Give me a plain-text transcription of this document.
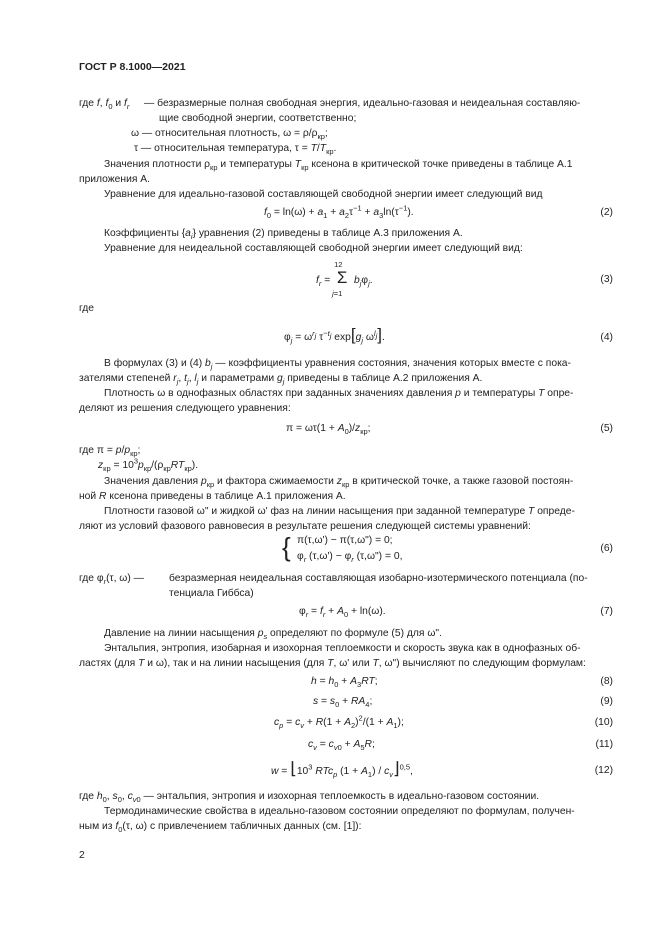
ГОСТ Р 8.1000—2021
где f, $f_0$ и $f_r$ — безразмерные полная свободная энергия, идеально-газовая и неидеальная составляю-
щие свободной энергии, соответственно;
ω — относительная плотность, $\omega = \rho/\rho_{кр}$;
τ — относительная температура, $\tau = T/T_{кр}$.
Значения плотности $\rho_{кр}$ и температуры $T_{кр}$ ксенона в критической точке приведены в таблице А.1
приложения А.
Уравнение для идеально-газовой составляющей свободной энергии имеет следующий вид
$f_0 = \ln(\omega) + a_1 + a_2\tau^{-1} + a_3\ln(\tau^{-1})$.	(2)
Коэффициенты $\{a_i\}$ уравнения (2) приведены в таблице А.3 приложения А.
Уравнение для неидеальной составляющей свободной энергии имеет следующий вид:
$f_r$ =
12
Σ
j=1
$b_j\varphi_j$.	(3)
где
$\varphi_j = \omega^{r_j}$ $\tau^{-t_j}$ $\exp[g_j$ $\omega^{l_j}$].	(4)
В формулах (3) и (4) $b_j$ — коэффициенты уравнения состояния, значения которых вместе с пока-
зателями степеней $r_j$, $t_j$, $l_j$ и параметрами $g_j$ приведены в таблице А.2 приложения А.
Плотность ω в однофазных областях при заданных значениях давления p и температуры T опре-
деляют из решения следующего уравнения:
$\pi = \omega\tau(1 + A_0)/z_{кр}$;	(5)
где $\pi = p/p_{кр}$;
$z_{кр} = 10^3p_{кр}/(\rho_{кр}RT_{кр})$.
Значения давления $p_{кр}$ и фактора сжимаемости $z_{кр}$ в критической точке, а также газовой постоян-
ной R ксенона приведены в таблице А.1 приложения А.
Плотности газовой ω" и жидкой ω' фаз на линии насыщения при заданной температуре T опреде-
ляют из условий фазового равновесия в результате решения следующей системы уравнений:
{ π(τ,ω') − π(τ,ω") = 0;
$\varphi_r$ $(\tau,\omega') - \varphi_r$ (τ,ω") = 0,
(6)
где $\varphi_r(\tau$, ω) — безразмерная неидеальная составляющая изобарно-изотермического потенциала (по-
тенциала Гиббса)
$\varphi_r = f_r + A_0 + \ln(\omega)$.	(7)
Давление на линии насыщения $p_s$ определяют по формуле (5) для ω".
Энтальпия, энтропия, изобарная и изохорная теплоемкости и скорость звука как в однофазных об-
ластях (для T и ω), так и на линии насыщения (для T, ω' или T, ω") вычисляют по следующим формулам:
$h = h_0 + A_3RT$;	(8)
$s = s_0 + RA_4$;	(9)
$c_p = c_v + R(1 + A_2)^2/(1 + A_1)$;	(10)
$c_v = c_{v0} + A_5R$;	(11)
$w = ⌊10^3$ RTc$_p$ $(1 + A_1)$ / $c_v⌋^{0,5}$,	(12)
где $h_0$, $s_0$, $c_{v0}$ — энтальпия, энтропия и изохорная теплоемкость в идеально-газовом состоянии.
Термодинамические свойства в идеально-газовом состоянии определяют по формулам, получен-
ным из $f_0(\tau$, ω) с привлечением табличных данных (см. [1]):
2
